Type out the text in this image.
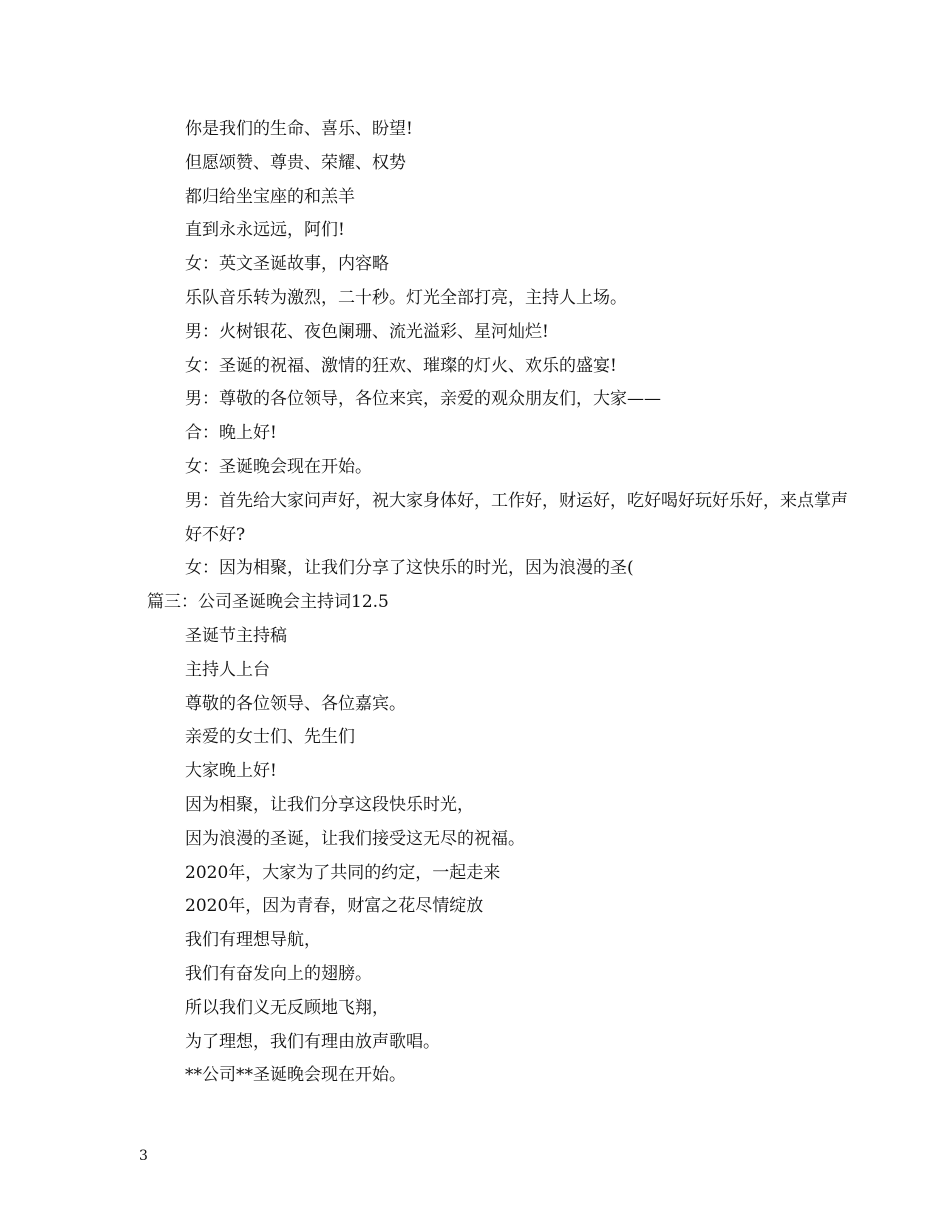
你是我们的生命、喜乐、盼望!

但愿颂赞、尊贵、荣耀、权势

都归给坐宝座的和羔羊

直到永永远远，阿们!

女：英文圣诞故事，内容略

乐队音乐转为激烈，二十秒。灯光全部打亮，主持人上场。

男：火树银花、夜色阑珊、流光溢彩、星河灿烂!

女：圣诞的祝福、激情的狂欢、璀璨的灯火、欢乐的盛宴!

男：尊敬的各位领导，各位来宾，亲爱的观众朋友们，大家——

合：晚上好!

女：圣诞晚会现在开始。

男：首先给大家问声好，祝大家身体好，工作好，财运好，吃好喝好玩好乐好，来点掌声好不好?

女：因为相聚，让我们分享了这快乐的时光，因为浪漫的圣(

篇三：公司圣诞晚会主持词12.5

圣诞节主持稿

主持人上台

尊敬的各位领导、各位嘉宾。

亲爱的女士们、先生们

大家晚上好!

因为相聚，让我们分享这段快乐时光，

因为浪漫的圣诞，让我们接受这无尽的祝福。

2020年，大家为了共同的约定，一起走来

2020年，因为青春，财富之花尽情绽放

我们有理想导航，

我们有奋发向上的翅膀。

所以我们义无反顾地飞翔，

为了理想，我们有理由放声歌唱。

**公司**圣诞晚会现在开始。

3
